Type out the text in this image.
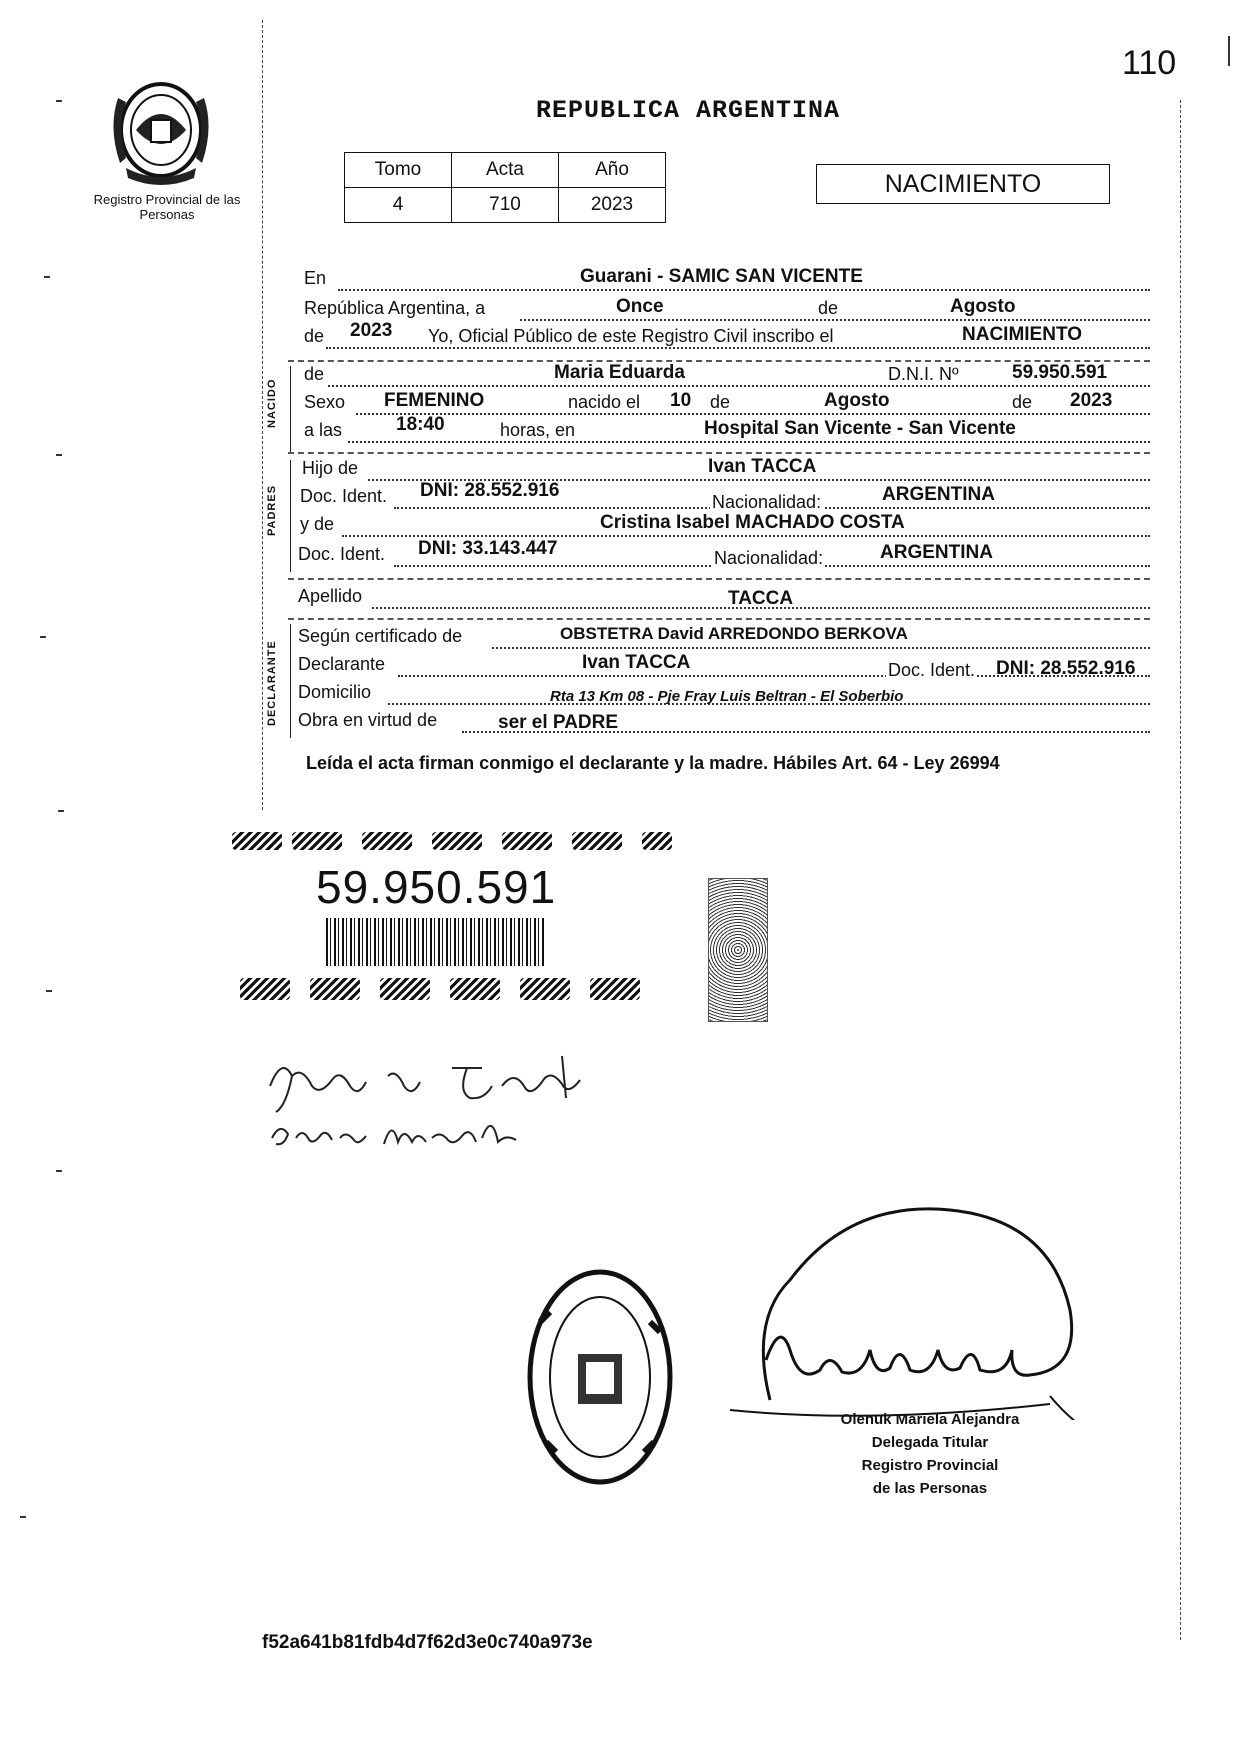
110
Registro Provincial de las Personas
REPUBLICA ARGENTINA
Tomo	Acta	Año
4	710	2023
NACIMIENTO
NACIDO
PADRES
DECLARANTE
En	Guarani - SAMIC SAN VICENTE
República Argentina, a	Once	de	Agosto
de 2023 Yo, Oficial Público de este Registro Civil inscribo el	NACIMIENTO
de	Maria Eduarda	D.N.I. Nº	59.950.591
Sexo FEMENINO	nacido el 10 de	Agosto	de 2023
a las	18:40	horas, en	Hospital San Vicente - San Vicente
Hijo de	Ivan TACCA
Doc. Ident. DNI: 28.552.916
Nacionalidad:	ARGENTINA
y de	Cristina Isabel MACHADO COSTA
Doc. Ident. DNI: 33.143.447	Nacionalidad:	ARGENTINA
Apellido	TACCA
Según certificado de	OBSTETRA David ARREDONDO BERKOVA
Declarante	Ivan TACCA	Doc. Ident. DNI: 28.552.916
Domicilio	Rta 13 Km 08 - Pje Fray Luis Beltran - El Soberbio
Obra en virtud de	ser el PADRE
Leída el acta firman conmigo el declarante y la madre. Hábiles Art. 64 - Ley 26994
59.950.591
Olenuk Mariela Alejandra
Delegada Titular
Registro Provincial
de las Personas
f52a641b81fdb4d7f62d3e0c740a973e
